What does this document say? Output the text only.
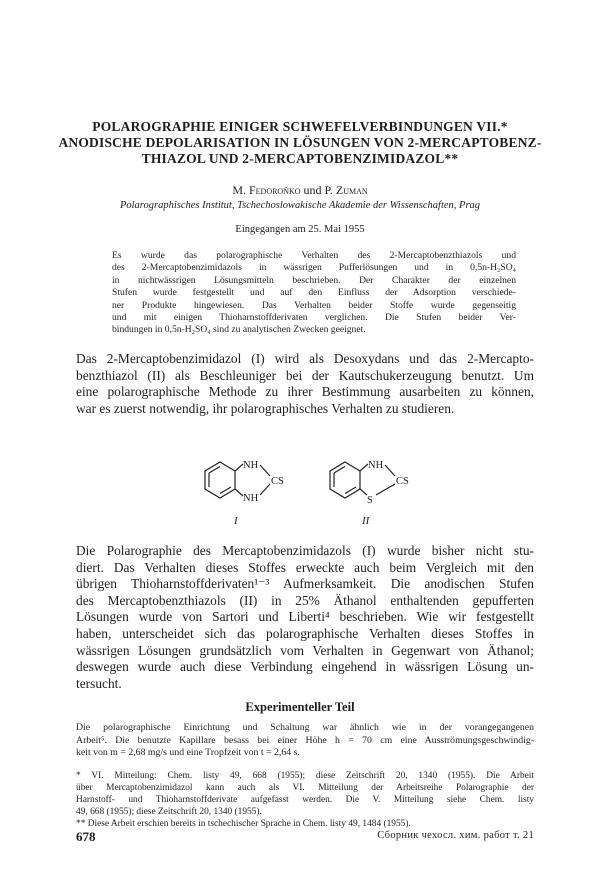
POLAROGRAPHIE EINIGER SCHWEFELVERBINDUNGEN VII.*
ANODISCHE DEPOLARISATION IN LÖSUNGEN VON 2-MERCAPTOBENZ-
THIAZOL UND 2-MERCAPTOBENZIMIDAZOL**
M. Fedoroňko und P. Zuman
Polarographisches Institut, Tschechoslowakische Akademie der Wissenschaften, Prag
Eingegangen am 25. Mai 1955
Es wurde das polarographische Verhalten des 2-Mercaptobenzthiazols und
des 2-Mercaptobenzimidazols in wässrigen Pufferlösungen und in 0,5n-H₂SO₄
in nichtwässrigen Lösungsmitteln beschrieben. Der Charakter der einzelnen
Stufen wurde festgestellt und auf den Einfluss der Adsorption verschiede-
ner Produkte hingewiesen. Das Verhalten beider Stoffe wurde gegenseitig
und mit einigen Thioharnstoffderivaten verglichen. Die Stufen beider Ver-
bindungen in 0,5n-H₂SO₄ sind zu analytischen Zwecken geeignet.
Das 2-Mercaptobenzimidazol (I) wird als Desoxydans und das 2-Mercapto-
benzthiazol (II) als Beschleuniger bei der Kautschukerzeugung benutzt. Um
eine polarographische Methode zu ihrer Bestimmung ausarbeiten zu können,
war es zuerst notwendig, ihr polarographisches Verhalten zu studieren.
NH
CS
NH
I
NH
CS
S
II
Die Polarographie des Mercaptobenzimidazols (I) wurde bisher nicht stu-
diert. Das Verhalten dieses Stoffes erweckte auch beim Vergleich mit den
übrigen Thioharnstoffderivaten¹⁻³ Aufmerksamkeit. Die anodischen Stufen
des Mercaptobenzthiazols (II) in 25% Äthanol enthaltenden gepufferten
Lösungen wurde von Sartori und Liberti⁴ beschrieben. Wie wir festgestellt
haben, unterscheidet sich das polarographische Verhalten dieses Stoffes in
wässrigen Lösungen grundsätzlich vom Verhalten in Gegenwart von Äthanol;
deswegen wurde auch diese Verbindung eingehend in wässrigen Lösung un-
tersucht.
Experimenteller Teil
Die polarographische Einrichtung und Schaltung war ähnlich wie in der vorangegangenen
Arbeit⁵. Die benutzte Kapillare besass bei einer Höhe h = 70 cm eine Ausströmungsgeschwindig-
keit von m = 2,68 mg/s und eine Tropfzeit von t = 2,64 s.
* VI. Mitteilung: Chem. listy 49, 668 (1955); diese Zeitschrift 20, 1340 (1955). Die Arbeit
über Mercaptobenzimidazol kann auch als VI. Mitteilung der Arbeitsreihe Polarographie der
Harnstoff- und Thioharnstoffderivate aufgefasst werden. Die V. Mitteilung siehe Chem. listy
49, 668 (1955); diese Zeitschrift 20, 1340 (1955).
** Diese Arbeit erschien bereits in tschechischer Sprache in Chem. listy 49, 1484 (1955).
678	Сборник чехосл. хим. работ т. 21
